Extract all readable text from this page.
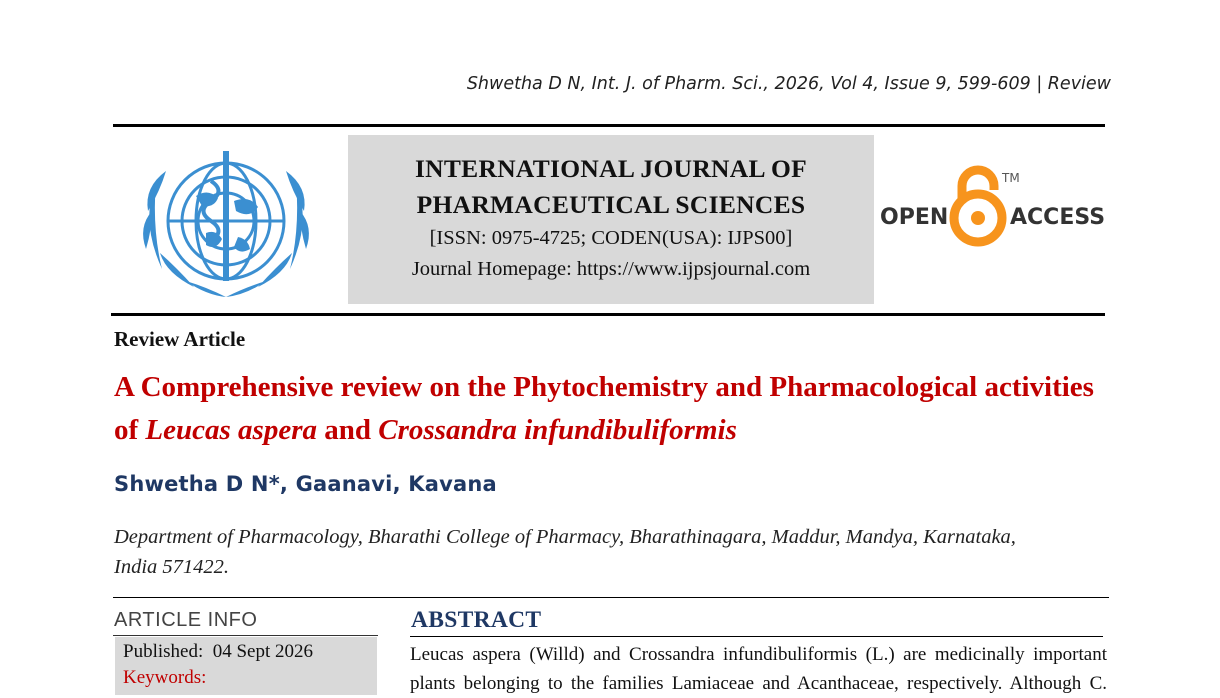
Shwetha D N, Int. J. of Pharm. Sci., 2026, Vol 4, Issue 9, 599-609 | Review
INTERNATIONAL JOURNAL OF
PHARMACEUTICAL SCIENCES
[ISSN: 0975-4725; CODEN(USA): IJPS00]
Journal Homepage: https://www.ijpsjournal.com
OPEN	ACCESS
TM
Review Article
A Comprehensive review on the Phytochemistry and Pharmacological activities of Leucas aspera and Crossandra infundibuliformis
Shwetha D N*, Gaanavi, Kavana
Department of Pharmacology, Bharathi College of Pharmacy, Bharathinagara, Maddur, Mandya, Karnataka,
India 571422.
ARTICLE INFO
Published: 04 Sept 2026
Keywords:
ABSTRACT
Leucas aspera (Willd) and Crossandra infundibuliformis (L.) are medicinally important
plants belonging to the families Lamiaceae and Acanthaceae, respectively. Although C.
